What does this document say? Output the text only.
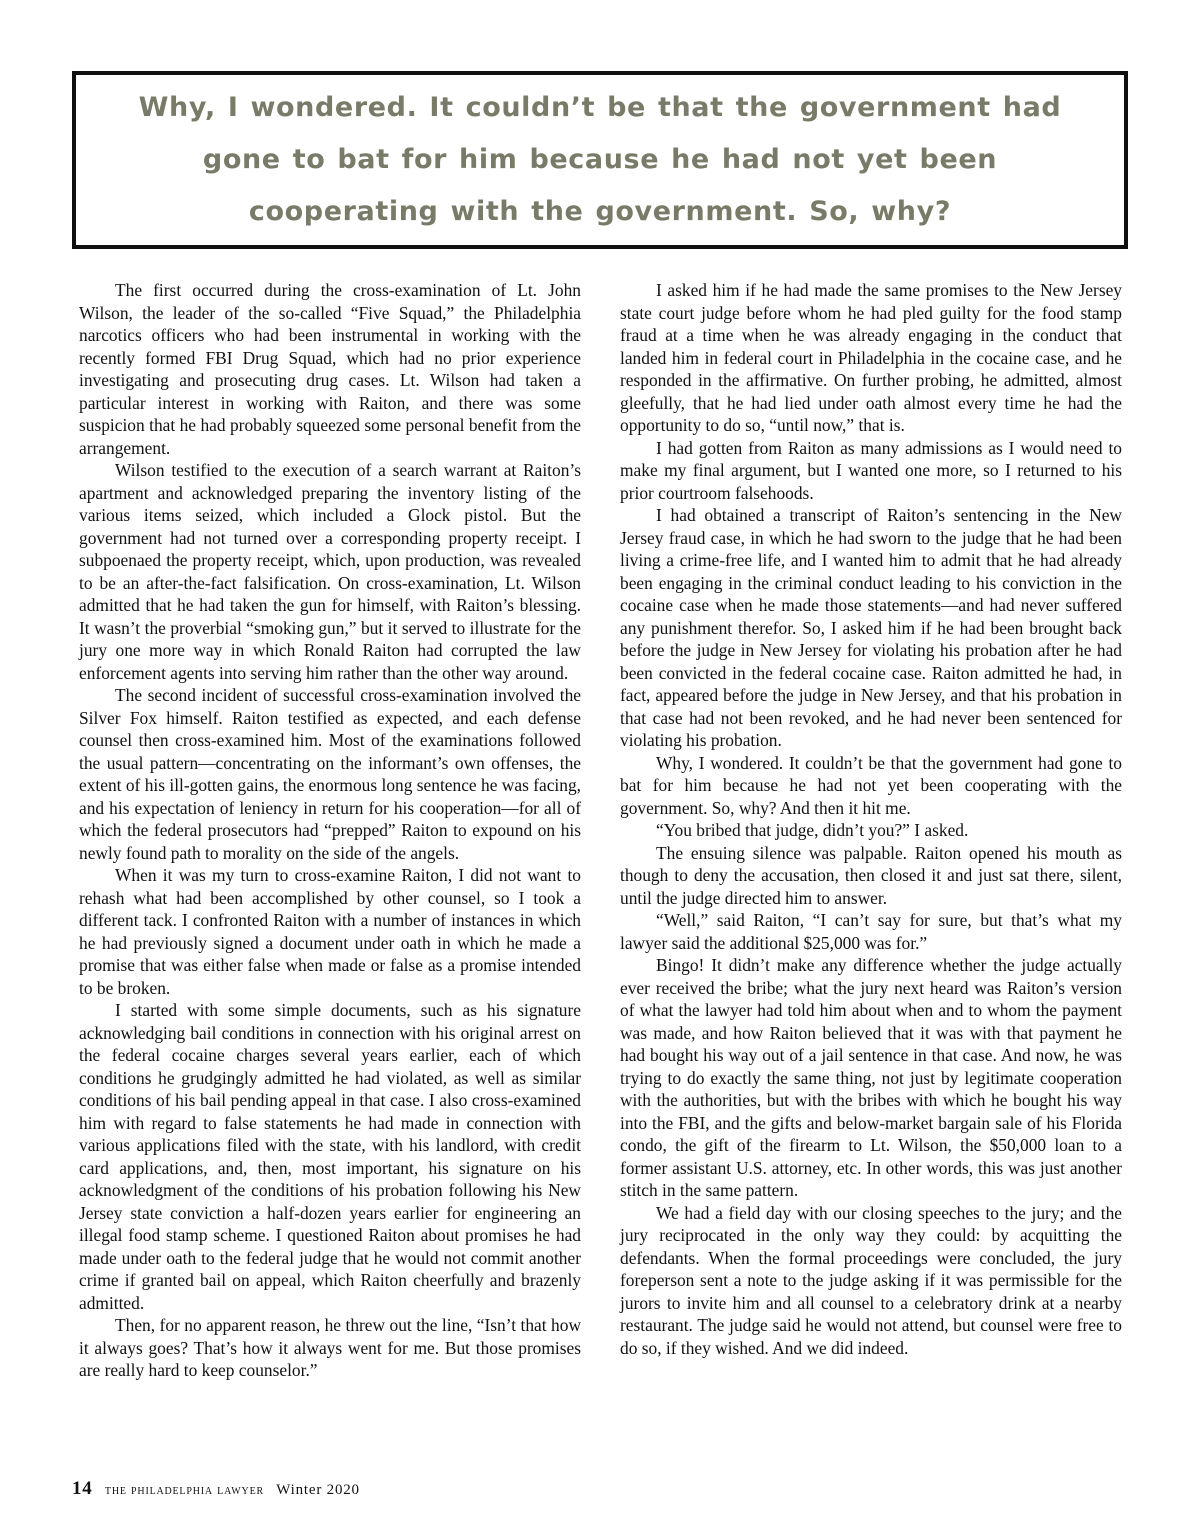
Why, I wondered. It couldn’t be that the government had gone to bat for him because he had not yet been cooperating with the government. So, why?

The first occurred during the cross-examination of Lt. John Wilson, the leader of the so-called “Five Squad,” the Philadelphia narcotics officers who had been instrumental in working with the recently formed FBI Drug Squad, which had no prior experience investigating and prosecuting drug cases. Lt. Wilson had taken a particular interest in working with Raiton, and there was some suspicion that he had probably squeezed some personal benefit from the arrangement.

Wilson testified to the execution of a search warrant at Raiton’s apartment and acknowledged preparing the inventory listing of the various items seized, which included a Glock pistol. But the government had not turned over a corresponding property receipt. I subpoenaed the property receipt, which, upon production, was revealed to be an after-the-fact falsification. On cross-examination, Lt. Wilson admitted that he had taken the gun for himself, with Raiton’s blessing. It wasn’t the proverbial “smoking gun,” but it served to illustrate for the jury one more way in which Ronald Raiton had corrupted the law enforcement agents into serving him rather than the other way around.

The second incident of successful cross-examination involved the Silver Fox himself. Raiton testified as expected, and each defense counsel then cross-examined him. Most of the examinations followed the usual pattern—concentrating on the informant’s own offenses, the extent of his ill-gotten gains, the enormous long sentence he was facing, and his expectation of leniency in return for his cooperation—for all of which the federal prosecutors had “prepped” Raiton to expound on his newly found path to morality on the side of the angels.

When it was my turn to cross-examine Raiton, I did not want to rehash what had been accomplished by other counsel, so I took a different tack. I confronted Raiton with a number of instances in which he had previously signed a document under oath in which he made a promise that was either false when made or false as a promise intended to be broken.

I started with some simple documents, such as his signature acknowledging bail conditions in connection with his original arrest on the federal cocaine charges several years earlier, each of which conditions he grudgingly admitted he had violated, as well as similar conditions of his bail pending appeal in that case. I also cross-examined him with regard to false statements he had made in connection with various applications filed with the state, with his landlord, with credit card applications, and, then, most important, his signature on his acknowledgment of the conditions of his probation following his New Jersey state conviction a half-dozen years earlier for engineering an illegal food stamp scheme. I questioned Raiton about promises he had made under oath to the federal judge that he would not commit another crime if granted bail on appeal, which Raiton cheerfully and brazenly admitted.

Then, for no apparent reason, he threw out the line, “Isn’t that how it always goes? That’s how it always went for me. But those promises are really hard to keep counselor.”

I asked him if he had made the same promises to the New Jersey state court judge before whom he had pled guilty for the food stamp fraud at a time when he was already engaging in the conduct that landed him in federal court in Philadelphia in the cocaine case, and he responded in the affirmative. On further probing, he admitted, almost gleefully, that he had lied under oath almost every time he had the opportunity to do so, “until now,” that is.

I had gotten from Raiton as many admissions as I would need to make my final argument, but I wanted one more, so I returned to his prior courtroom falsehoods.

I had obtained a transcript of Raiton’s sentencing in the New Jersey fraud case, in which he had sworn to the judge that he had been living a crime-free life, and I wanted him to admit that he had already been engaging in the criminal conduct leading to his conviction in the cocaine case when he made those statements—and had never suffered any punishment therefor. So, I asked him if he had been brought back before the judge in New Jersey for violating his probation after he had been convicted in the federal cocaine case. Raiton admitted he had, in fact, appeared before the judge in New Jersey, and that his probation in that case had not been revoked, and he had never been sentenced for violating his probation.

Why, I wondered. It couldn’t be that the government had gone to bat for him because he had not yet been cooperating with the government. So, why? And then it hit me.

“You bribed that judge, didn’t you?” I asked.

The ensuing silence was palpable. Raiton opened his mouth as though to deny the accusation, then closed it and just sat there, silent, until the judge directed him to answer.

“Well,” said Raiton, “I can’t say for sure, but that’s what my lawyer said the additional $25,000 was for.”

Bingo! It didn’t make any difference whether the judge actually ever received the bribe; what the jury next heard was Raiton’s version of what the lawyer had told him about when and to whom the payment was made, and how Raiton believed that it was with that payment he had bought his way out of a jail sentence in that case. And now, he was trying to do exactly the same thing, not just by legitimate cooperation with the authorities, but with the bribes with which he bought his way into the FBI, and the gifts and below-market bargain sale of his Florida condo, the gift of the firearm to Lt. Wilson, the $50,000 loan to a former assistant U.S. attorney, etc. In other words, this was just another stitch in the same pattern.

We had a field day with our closing speeches to the jury; and the jury reciprocated in the only way they could: by acquitting the defendants. When the formal proceedings were concluded, the jury foreperson sent a note to the judge asking if it was permissible for the jurors to invite him and all counsel to a celebratory drink at a nearby restaurant. The judge said he would not attend, but counsel were free to do so, if they wished. And we did indeed.

14 the philadelphia lawyer Winter 2020
